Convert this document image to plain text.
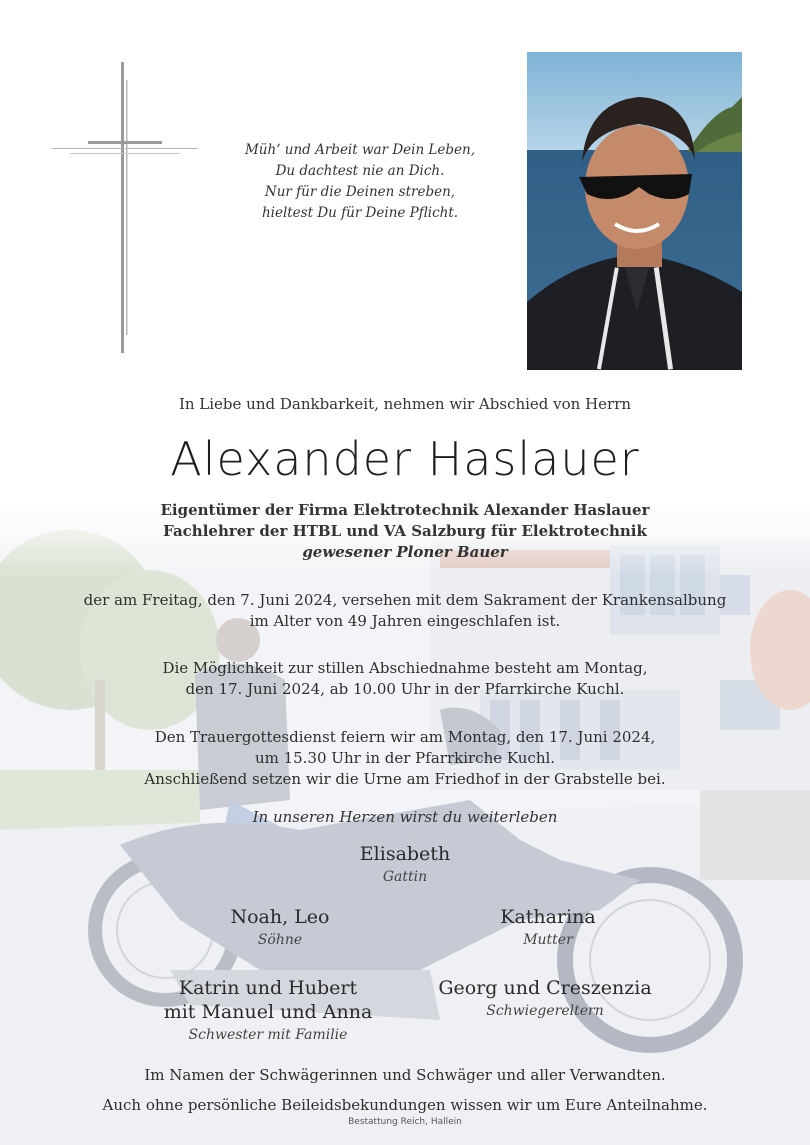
Müh‘ und Arbeit war Dein Leben,
Du dachtest nie an Dich.
Nur für die Deinen streben,
hieltest Du für Deine Pflicht.
In Liebe und Dankbarkeit, nehmen wir Abschied von Herrn
Alexander Haslauer
Eigentümer der Firma Elektrotechnik Alexander Haslauer
Fachlehrer der HTBL und VA Salzburg für Elektrotechnik
gewesener Ploner Bauer
der am Freitag, den 7. Juni 2024, versehen mit dem Sakrament der Krankensalbung
im Alter von 49 Jahren eingeschlafen ist.
Die Möglichkeit zur stillen Abschiednahme besteht am Montag,
den 17. Juni 2024, ab 10.00 Uhr in der Pfarrkirche Kuchl.
Den Trauergottesdienst feiern wir am Montag, den 17. Juni 2024,
um 15.30 Uhr in der Pfarrkirche Kuchl.
Anschließend setzen wir die Urne am Friedhof in der Grabstelle bei.
In unseren Herzen wirst du weiterleben
Elisabeth
Gattin
Noah, Leo
Söhne
Katharina
Mutter
Katrin und Hubert
mit Manuel und Anna
Schwester mit Familie
Georg und Creszenzia
Schwiegereltern
Im Namen der Schwägerinnen und Schwäger und aller Verwandten.
Auch ohne persönliche Beileidsbekundungen wissen wir um Eure Anteilnahme.
Bestattung Reich, Hallein
